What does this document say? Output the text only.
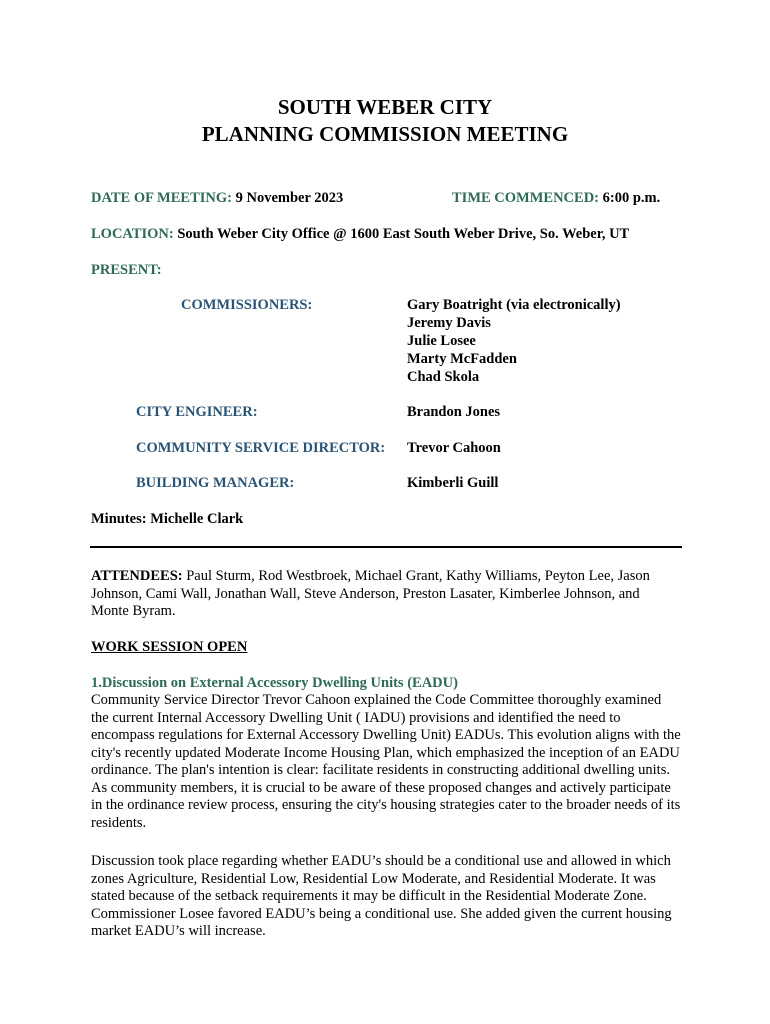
SOUTH WEBER CITY
PLANNING COMMISSION MEETING
DATE OF MEETING: 9 November 2023	TIME COMMENCED: 6:00 p.m.
LOCATION: South Weber City Office @ 1600 East South Weber Drive, So. Weber, UT
PRESENT:
COMMISSIONERS:	Gary Boatright (via electronically)
Jeremy Davis
Julie Losee
Marty McFadden
Chad Skola
CITY ENGINEER:	Brandon Jones
COMMUNITY SERVICE DIRECTOR: Trevor Cahoon
BUILDING MANAGER:	Kimberli Guill
Minutes: Michelle Clark
ATTENDEES: Paul Sturm, Rod Westbroek, Michael Grant, Kathy Williams, Peyton Lee, Jason Johnson, Cami Wall, Jonathan Wall, Steve Anderson, Preston Lasater, Kimberlee Johnson, and Monte Byram.
WORK SESSION OPEN
1.Discussion on External Accessory Dwelling Units (EADU)
Community Service Director Trevor Cahoon explained the Code Committee thoroughly examined the current Internal Accessory Dwelling Unit ( IADU) provisions and identified the need to encompass regulations for External Accessory Dwelling Unit) EADUs. This evolution aligns with the city's recently updated Moderate Income Housing Plan, which emphasized the inception of an EADU ordinance. The plan's intention is clear: facilitate residents in constructing additional dwelling units. As community members, it is crucial to be aware of these proposed changes and actively participate in the ordinance review process, ensuring the city's housing strategies cater to the broader needs of its residents.
Discussion took place regarding whether EADU’s should be a conditional use and allowed in which zones Agriculture, Residential Low, Residential Low Moderate, and Residential Moderate. It was stated because of the setback requirements it may be difficult in the Residential Moderate Zone. Commissioner Losee favored EADU’s being a conditional use. She added given the current housing market EADU’s will increase.
